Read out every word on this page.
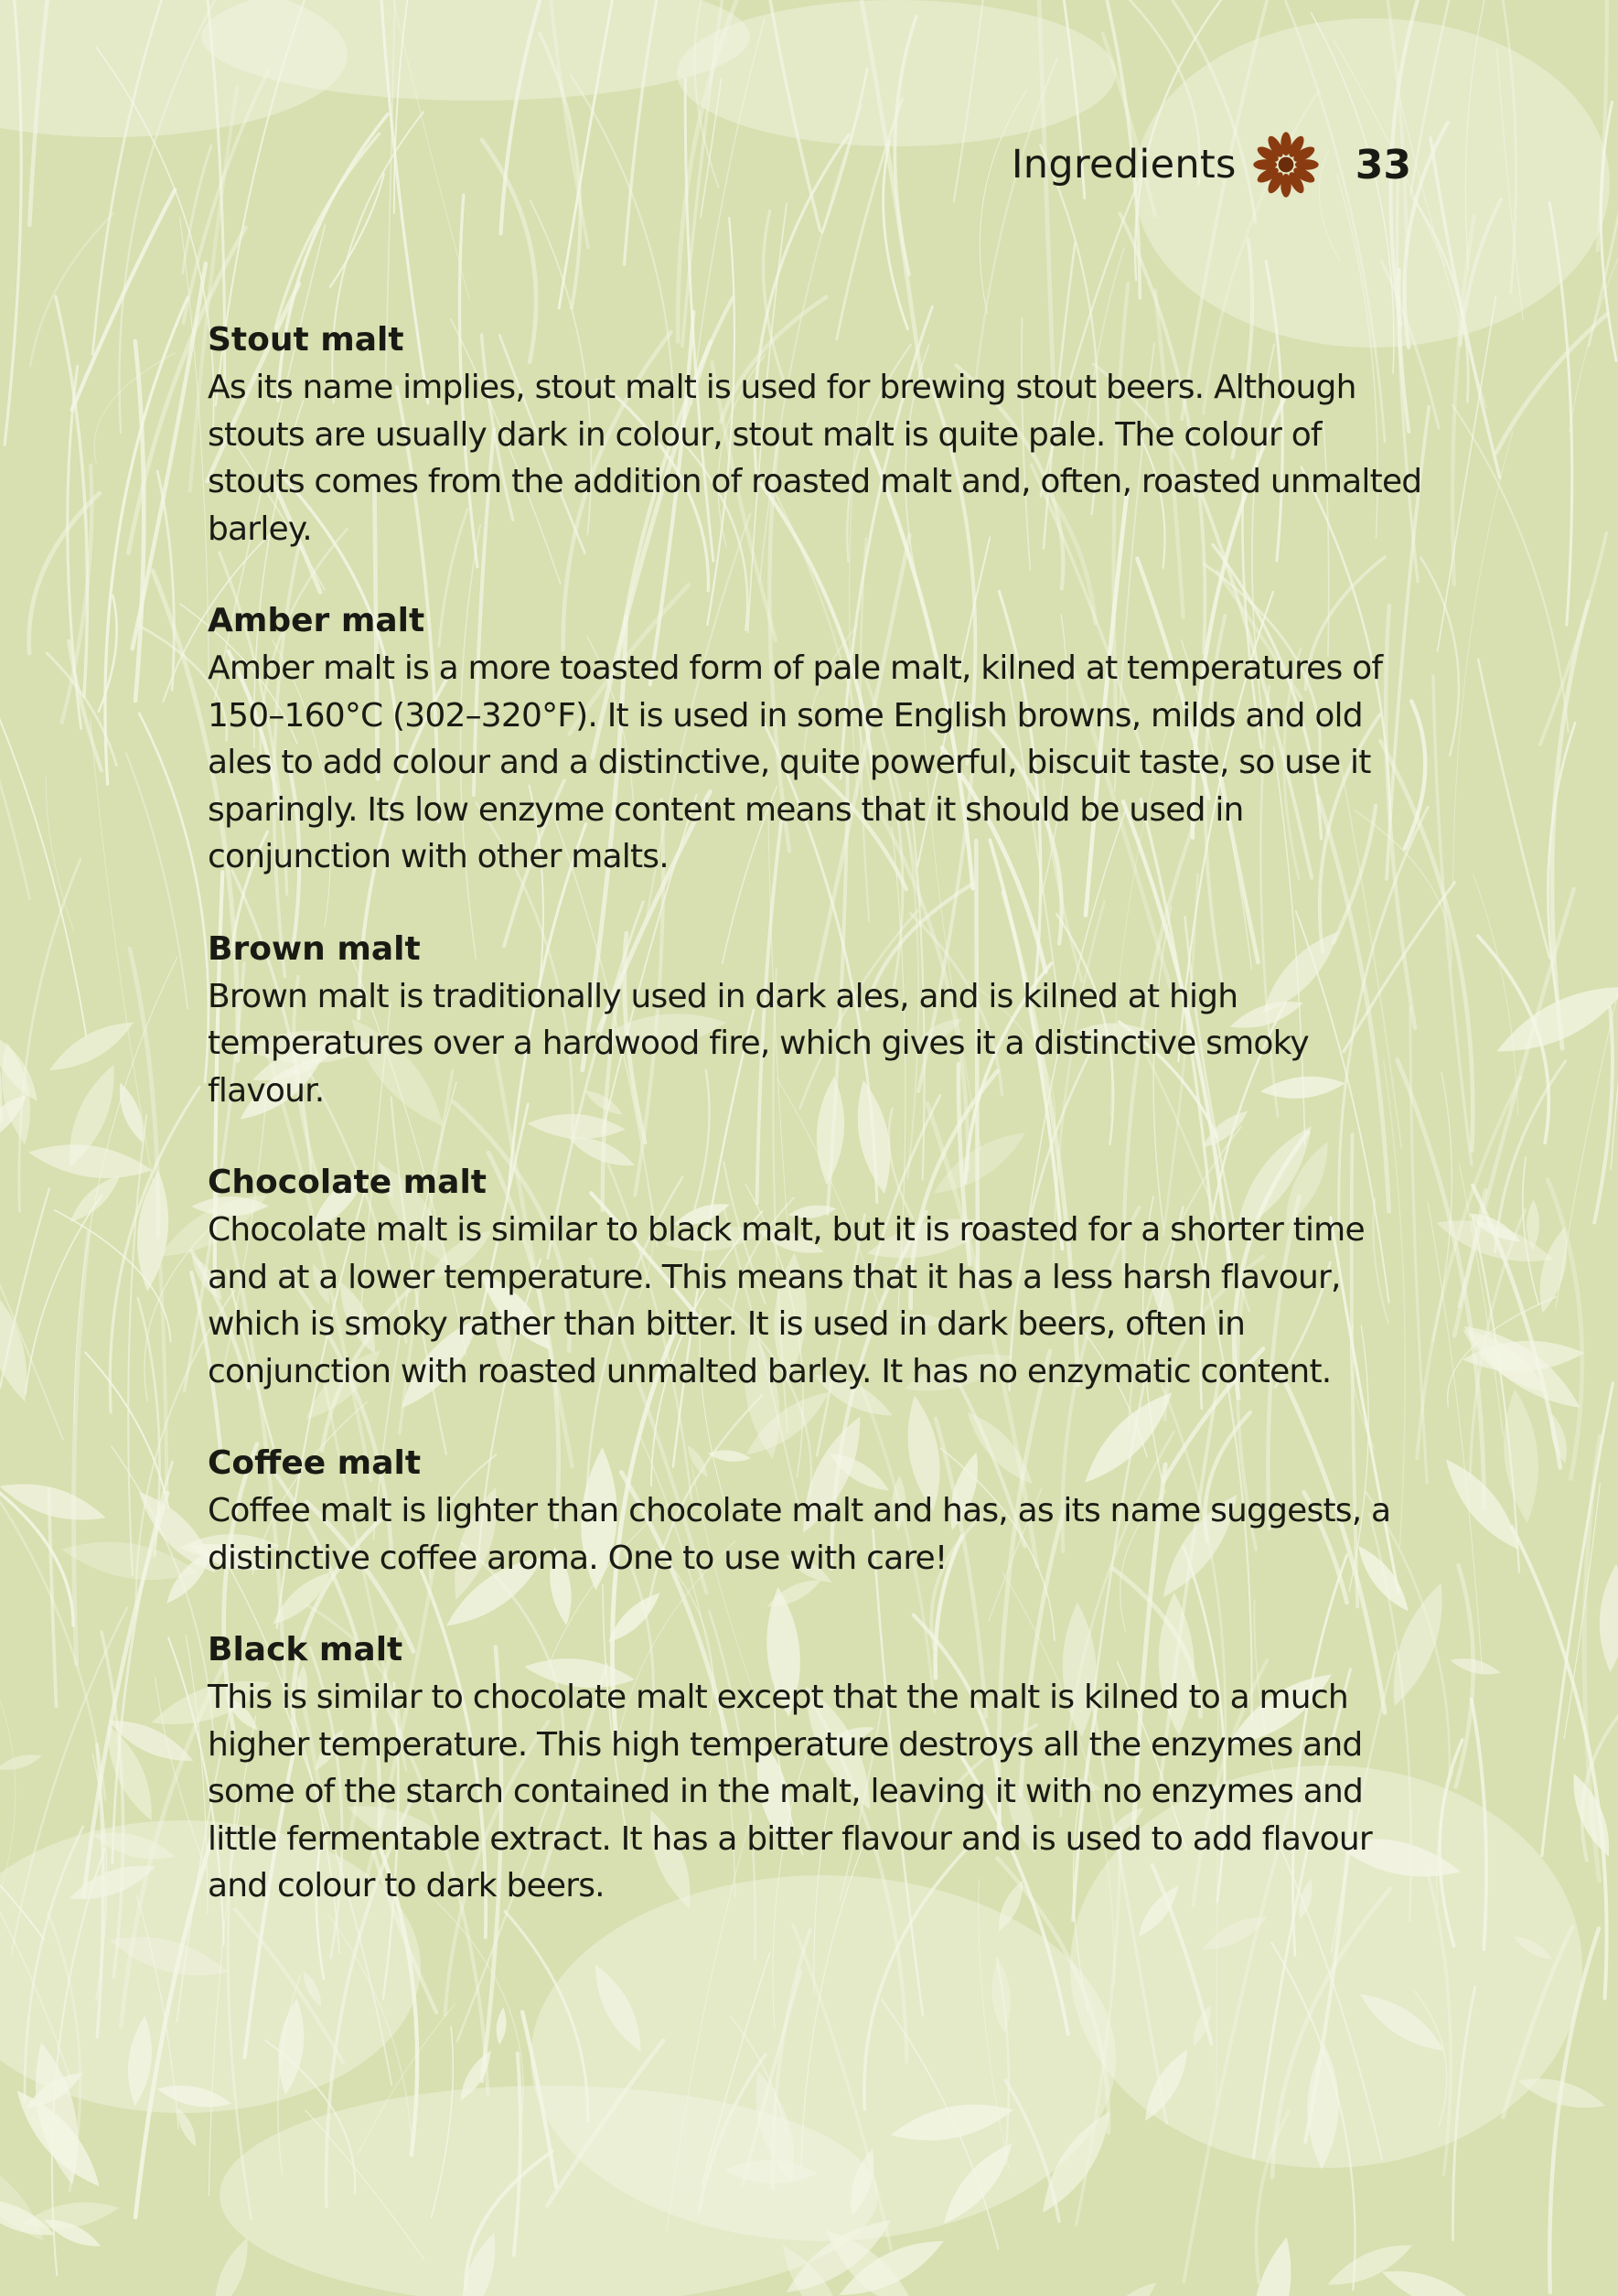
Ingredients	33
Stout malt

As its name implies, stout malt is used for brewing stout beers. Although stouts are usually dark in colour, stout malt is quite pale. The colour of stouts comes from the addition of roasted malt and, often, roasted unmalted barley.

Amber malt

Amber malt is a more toasted form of pale malt, kilned at temperatures of 150–160°C (302–320°F). It is used in some English browns, milds and old ales to add colour and a distinctive, quite powerful, biscuit taste, so use it sparingly. Its low enzyme content means that it should be used in conjunction with other malts.

Brown malt

Brown malt is traditionally used in dark ales, and is kilned at high temperatures over a hardwood fire, which gives it a distinctive smoky flavour.

Chocolate malt

Chocolate malt is similar to black malt, but it is roasted for a shorter time and at a lower temperature. This means that it has a less harsh flavour, which is smoky rather than bitter. It is used in dark beers, often in conjunction with roasted unmalted barley. It has no enzymatic content.

Coffee malt

Coffee malt is lighter than chocolate malt and has, as its name suggests, a distinctive coffee aroma. One to use with care!

Black malt

This is similar to chocolate malt except that the malt is kilned to a much higher temperature. This high temperature destroys all the enzymes and some of the starch contained in the malt, leaving it with no enzymes and little fermentable extract. It has a bitter flavour and is used to add flavour and colour to dark beers.
